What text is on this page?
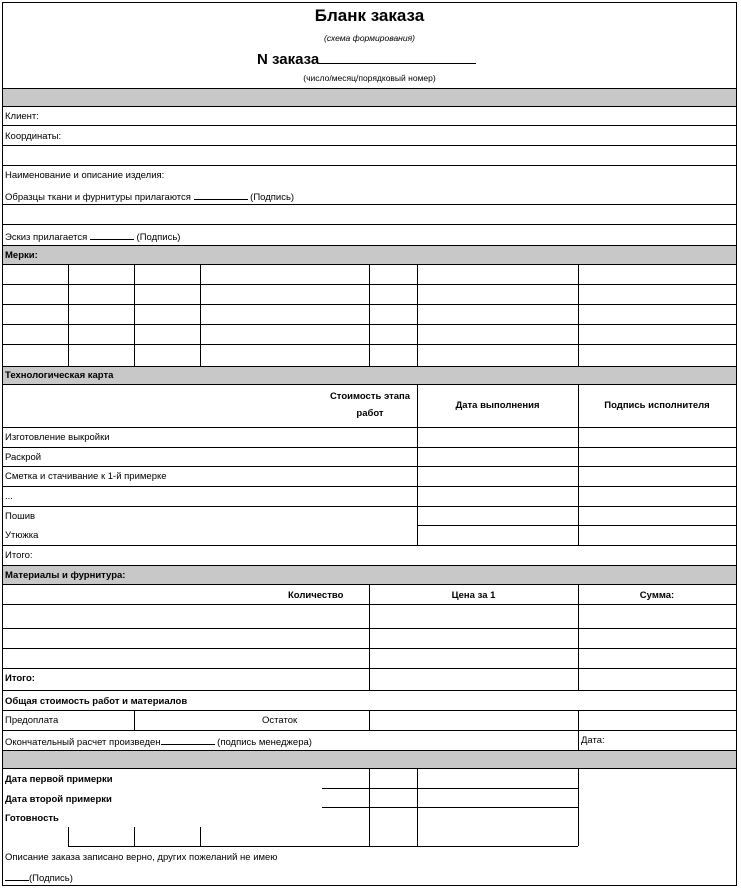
Бланк заказа
(схема формирования)
N заказа
(число/месяц/порядковый номер)
Клиент:
Координаты:
Наименование и описание изделия:
Образцы ткани и фурнитуры прилагаются	(Подпись)
Эскиз прилагается	(Подпись)
Мерки:
Технологическая карта
Стоимость этапа
работ
Дата выполнения	Подпись исполнителя
Изготовление выкройки
Раскрой
Сметка и стачивание к 1-й примерке
...
Пошив
Утюжка
Итого:
Материалы и фурнитура:
Количество	Цена за 1	Сумма:
Итого:
Общая стоимость работ и материалов
Предоплата	Остаток
Окончательный расчет произведен	(подпись менеджера)	Дата:
Дата первой примерки
Дата второй примерки
Готовность
Описание заказа записано верно, других пожеланий не имею
(Подпись)
